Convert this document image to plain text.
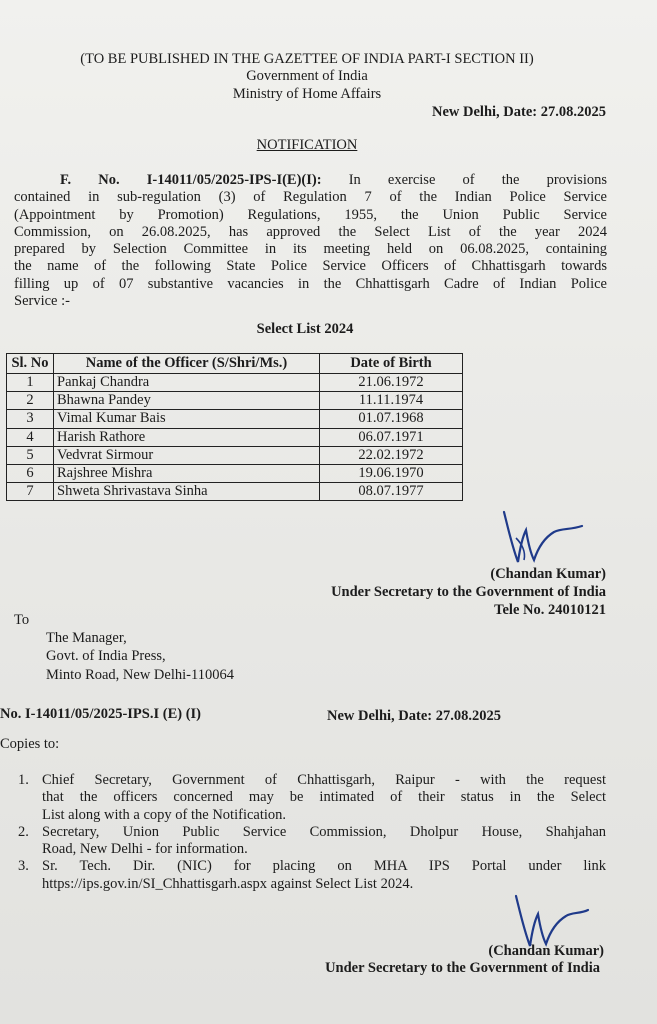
(TO BE PUBLISHED IN THE GAZETTEE OF INDIA PART-I SECTION II)
Government of India
Ministry of Home Affairs
New Delhi, Date: 27.08.2025
NOTIFICATION
F. No. I-14011/05/2025-IPS-I(E)(I): In exercise of the provisions
contained in sub-regulation (3) of Regulation 7 of the Indian Police Service
(Appointment by Promotion) Regulations, 1955, the Union Public Service
Commission, on 26.08.2025, has approved the Select List of the year 2024
prepared by Selection Committee in its meeting held on 06.08.2025, containing
the name of the following State Police Service Officers of Chhattisgarh towards
filling up of 07 substantive vacancies in the Chhattisgarh Cadre of Indian Police
Service :-
Select List 2024
Sl. No	Name of the Officer (S/Shri/Ms.)	Date of Birth
1	Pankaj Chandra	21.06.1972
2	Bhawna Pandey	11.11.1974
3	Vimal Kumar Bais	01.07.1968
4	Harish Rathore	06.07.1971
5	Vedvrat Sirmour	22.02.1972
6	Rajshree Mishra	19.06.1970
7	Shweta Shrivastava Sinha	08.07.1977
(Chandan Kumar)
Under Secretary to the Government of India
Tele No. 24010121
To
The Manager,
Govt. of India Press,
Minto Road, New Delhi-110064
No. I-14011/05/2025-IPS.I (E) (I)	New Delhi, Date: 27.08.2025
Copies to:
1. Chief Secretary, Government of Chhattisgarh, Raipur - with the request
that the officers concerned may be intimated of their status in the Select
List along with a copy of the Notification.
2. Secretary, Union Public Service Commission, Dholpur House, Shahjahan
Road, New Delhi - for information.
3. Sr. Tech. Dir. (NIC) for placing on MHA IPS Portal under link
https://ips.gov.in/SI_Chhattisgarh.aspx against Select List 2024.
(Chandan Kumar)
Under Secretary to the Government of India
